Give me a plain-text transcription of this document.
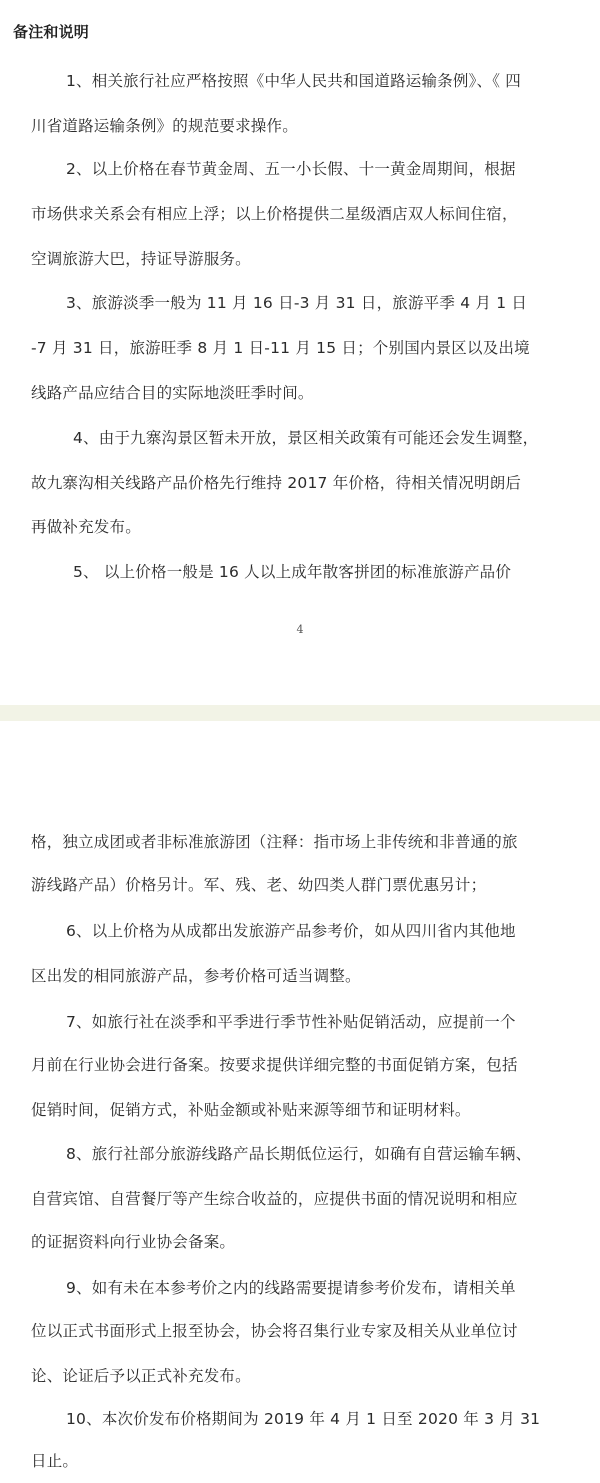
备注和说明
1、相关旅行社应严格按照《中华人民共和国道路运输条例》、《 四
川省道路运输条例》的规范要求操作。
2、以上价格在春节黄金周、五一小长假、十一黄金周期间，根据
市场供求关系会有相应上浮；以上价格提供二星级酒店双人标间住宿，
空调旅游大巴，持证导游服务。
3、旅游淡季一般为 11 月 16 日-3 月 31 日，旅游平季 4 月 1 日
-7 月 31 日，旅游旺季 8 月 1 日-11 月 15 日；个别国内景区以及出境
线路产品应结合目的实际地淡旺季时间。
4、由于九寨沟景区暂未开放，景区相关政策有可能还会发生调整，
故九寨沟相关线路产品价格先行维持 2017 年价格，待相关情况明朗后
再做补充发布。
5、 以上价格一般是 16 人以上成年散客拼团的标准旅游产品价
4
格，独立成团或者非标准旅游团（注释：指市场上非传统和非普通的旅
游线路产品）价格另计。军、残、老、幼四类人群门票优惠另计；
6、以上价格为从成都出发旅游产品参考价，如从四川省内其他地
区出发的相同旅游产品，参考价格可适当调整。
7、如旅行社在淡季和平季进行季节性补贴促销活动，应提前一个
月前在行业协会进行备案。按要求提供详细完整的书面促销方案，包括
促销时间，促销方式，补贴金额或补贴来源等细节和证明材料。
8、旅行社部分旅游线路产品长期低位运行，如确有自营运输车辆、
自营宾馆、自营餐厅等产生综合收益的，应提供书面的情况说明和相应
的证据资料向行业协会备案。
9、如有未在本参考价之内的线路需要提请参考价发布，请相关单
位以正式书面形式上报至协会，协会将召集行业专家及相关从业单位讨
论、论证后予以正式补充发布。
10、本次价发布价格期间为 2019 年 4 月 1 日至 2020 年 3 月 31
日止。
